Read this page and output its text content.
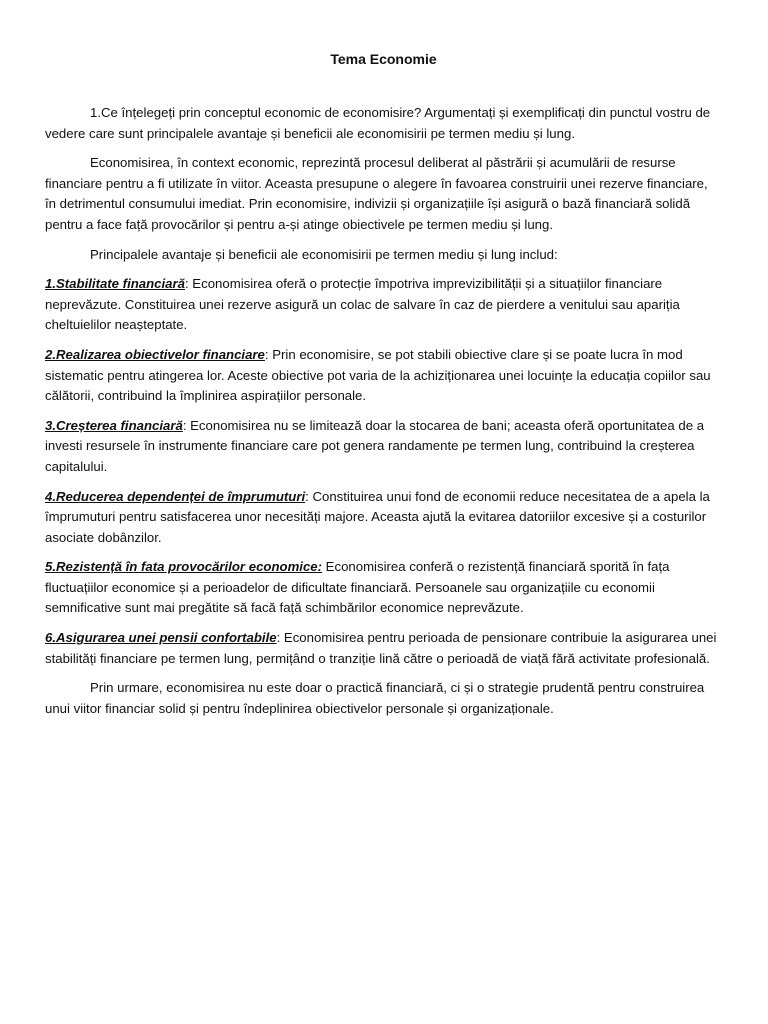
Tema Economie

1.Ce înțelegeți prin conceptul economic de economisire? Argumentați și exemplificați din punctul vostru de vedere care sunt principalele avantaje și beneficii ale economisirii pe termen mediu și lung.

Economisirea, în context economic, reprezintă procesul deliberat al păstrării și acumulării de resurse financiare pentru a fi utilizate în viitor. Aceasta presupune o alegere în favoarea construirii unei rezerve financiare, în detrimentul consumului imediat. Prin economisire, indivizii și organizațiile își asigură o bază financiară solidă pentru a face față provocărilor și pentru a-și atinge obiectivele pe termen mediu și lung.

Principalele avantaje și beneficii ale economisirii pe termen mediu și lung includ:

1.Stabilitate financiară: Economisirea oferă o protecție împotriva imprevizibilității și a situațiilor financiare neprevăzute. Constituirea unei rezerve asigură un colac de salvare în caz de pierdere a venitului sau apariția cheltuielilor neașteptate.

2.Realizarea obiectivelor financiare: Prin economisire, se pot stabili obiective clare și se poate lucra în mod sistematic pentru atingerea lor. Aceste obiective pot varia de la achiziționarea unei locuințe la educația copiilor sau călătorii, contribuind la împlinirea aspirațiilor personale.

3.Creșterea financiară: Economisirea nu se limitează doar la stocarea de bani; aceasta oferă oportunitatea de a investi resursele în instrumente financiare care pot genera randamente pe termen lung, contribuind la creșterea capitalului.

4.Reducerea dependenței de împrumuturi: Constituirea unui fond de economii reduce necesitatea de a apela la împrumuturi pentru satisfacerea unor necesități majore. Aceasta ajută la evitarea datoriilor excesive și a costurilor asociate dobânzilor.

5.Rezistență în fata provocărilor economice: Economisirea conferă o rezistență financiară sporită în fața fluctuațiilor economice și a perioadelor de dificultate financiară. Persoanele sau organizațiile cu economii semnificative sunt mai pregătite să facă față schimbărilor economice neprevăzute.

6.Asigurarea unei pensii confortabile: Economisirea pentru perioada de pensionare contribuie la asigurarea unei stabilități financiare pe termen lung, permițând o tranziție lină către o perioadă de viață fără activitate profesională.

Prin urmare, economisirea nu este doar o practică financiară, ci și o strategie prudentă pentru construirea unui viitor financiar solid și pentru îndeplinirea obiectivelor personale și organizaționale.
